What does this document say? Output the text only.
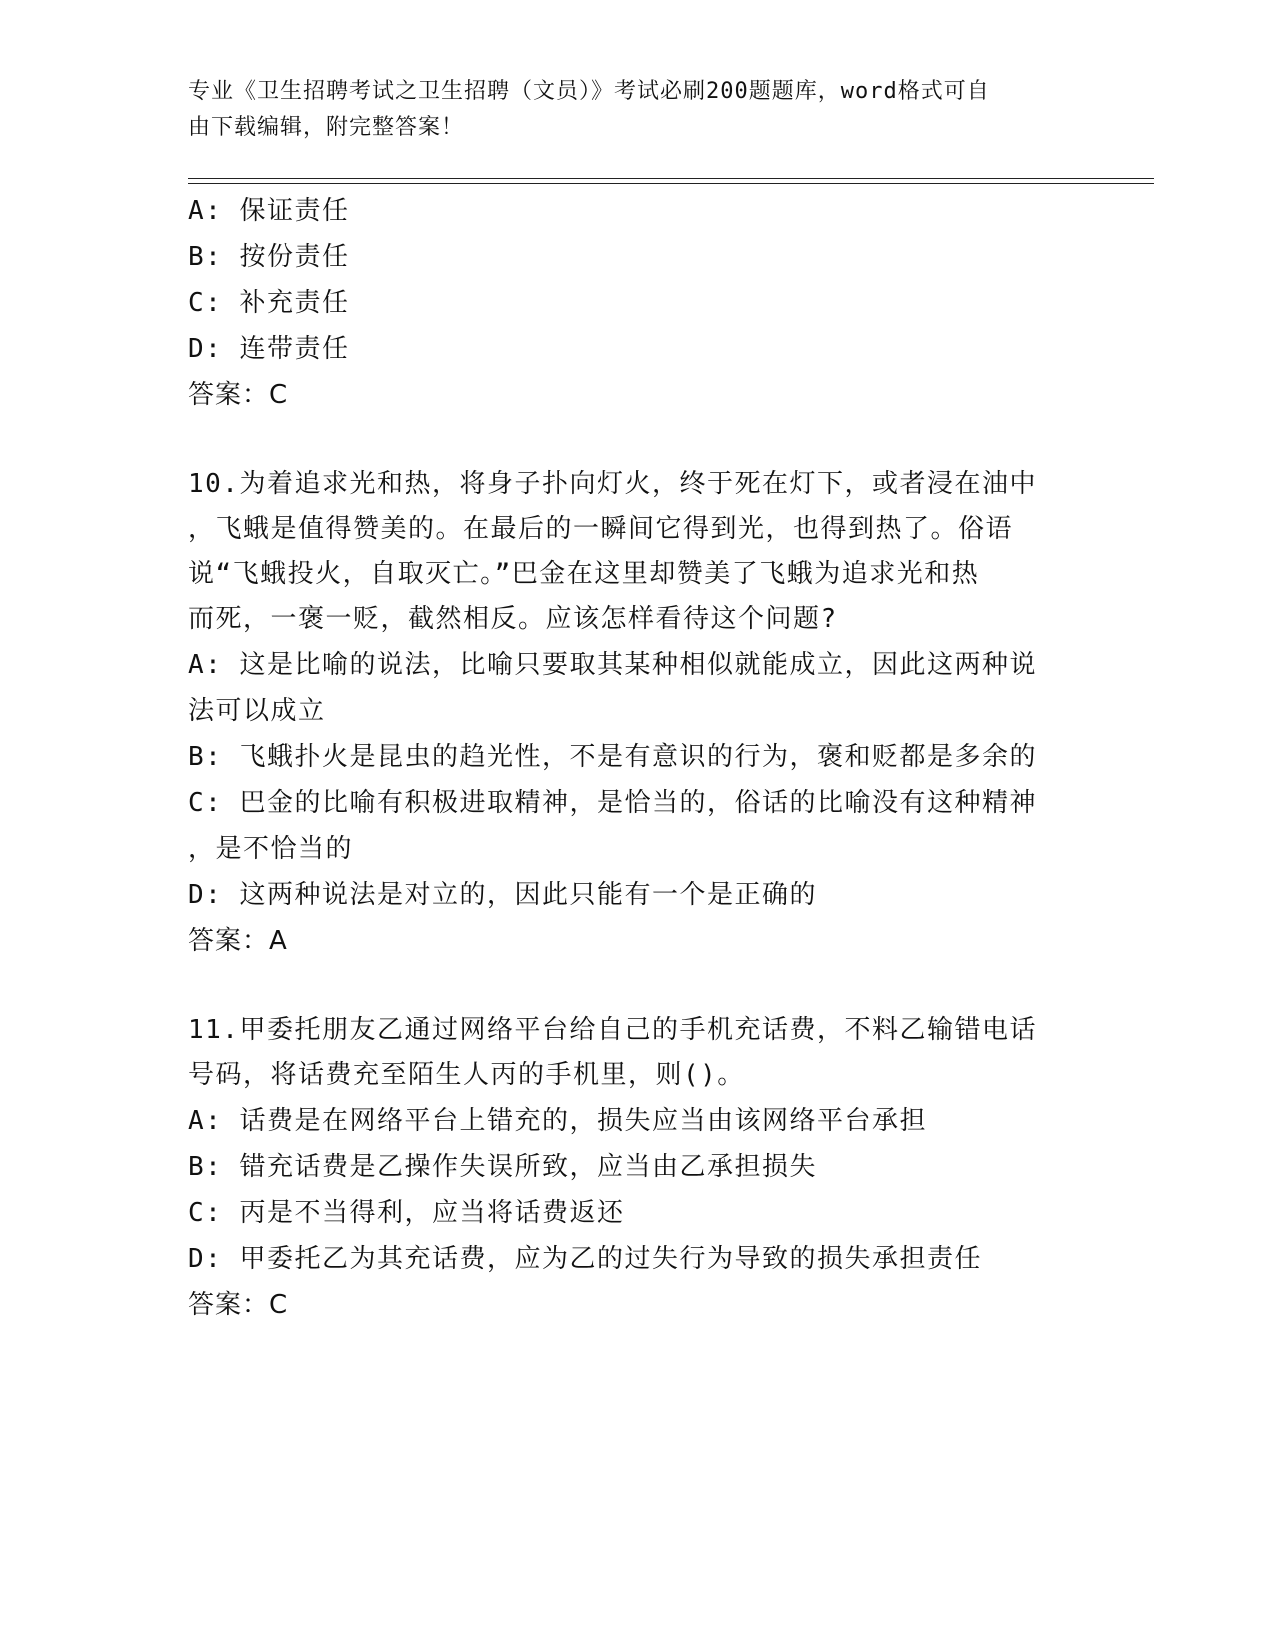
专业《卫生招聘考试之卫生招聘（文员）》考试必刷200题题库，word格式可自
由下载编辑，附完整答案！
A: 保证责任
B: 按份责任
C: 补充责任
D: 连带责任
答案：C
10.为着追求光和热，将身子扑向灯火，终于死在灯下，或者浸在油中
，飞蛾是值得赞美的。在最后的一瞬间它得到光，也得到热了。俗语
说“飞蛾投火，自取灭亡。”巴金在这里却赞美了飞蛾为追求光和热
而死，一褒一贬，截然相反。应该怎样看待这个问题?
A: 这是比喻的说法，比喻只要取其某种相似就能成立，因此这两种说
法可以成立
B: 飞蛾扑火是昆虫的趋光性，不是有意识的行为，褒和贬都是多余的
C: 巴金的比喻有积极进取精神，是恰当的，俗话的比喻没有这种精神
，是不恰当的
D: 这两种说法是对立的，因此只能有一个是正确的
答案：A
11.甲委托朋友乙通过网络平台给自己的手机充话费，不料乙输错电话
号码，将话费充至陌生人丙的手机里，则()。
A: 话费是在网络平台上错充的，损失应当由该网络平台承担
B: 错充话费是乙操作失误所致，应当由乙承担损失
C: 丙是不当得利，应当将话费返还
D: 甲委托乙为其充话费，应为乙的过失行为导致的损失承担责任
答案：C
